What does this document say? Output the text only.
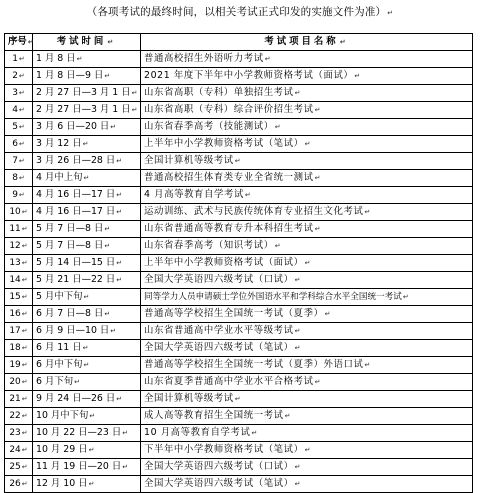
（各项考试的最终时间，以相关考试正式印发的实施文件为准）↵
序号↵	考试时间↵	考试项目名称↵
1↵	1 月 8 日↵	普通高校招生外语听力考试↵
2↵	1 月 8 日—9 日↵	2021 年度下半年中小学教师资格考试（面试）↵
3↵	2 月 27 日—3 月 1 日↵	山东省高职（专科）单独招生考试↵
4↵	2 月 27 日—3 月 1 日↵	山东省高职（专科）综合评价招生考试↵
5↵	3 月 6 日—20 日↵	山东省春季高考（技能测试）↵
6↵	3 月 12 日↵	上半年中小学教师资格考试（笔试）↵
7↵	3 月 26 日—28 日↵	全国计算机等级考试↵
8↵	4 月中上旬↵	普通高校招生体育类专业全省统一测试↵
9↵	4 月 16 日—17 日↵	4 月高等教育自学考试↵
10↵	4 月 16 日—17 日↵	运动训练、武术与民族传统体育专业招生文化考试↵
11↵	5 月 7 日—8 日↵	山东省普通高等教育专升本科招生考试↵
12↵	5 月 7 日—8 日↵	山东省春季高考（知识考试）↵
13↵	5 月 14 日—15 日↵	上半年中小学教师资格考试（面试）↵
14↵	5 月 21 日—22 日↵	全国大学英语四六级考试（口试）↵
15↵	5 月中下旬↵	同等学力人员申请硕士学位外国语水平和学科综合水平全国统一考试↵
16↵	6 月 7 日—8 日↵	普通高等学校招生全国统一考试（夏季）↵
17↵	6 月 9 日—10 日↵	山东省普通高中学业水平等级考试↵
18↵	6 月 11 日↵	全国大学英语四六级考试（笔试）↵
19↵	6 月中下旬↵	普通高等学校招生全国统一考试（夏季）外语口试↵
20↵	6 月下旬↵	山东省夏季普通高中学业水平合格考试↵
21↵	9 月 24 日—26 日↵	全国计算机等级考试↵
22↵	10 月中下旬↵	成人高等教育招生全国统一考试↵
23↵	10 月 22 日—23 日↵	10 月高等教育自学考试↵
24↵	10 月 29 日↵	下半年中小学教师资格考试（笔试）↵
25↵	11 月 19 日—20 日↵	全国大学英语四六级考试（口试）↵
26↵	12 月 10 日↵	全国大学英语四六级考试（笔试）↵
